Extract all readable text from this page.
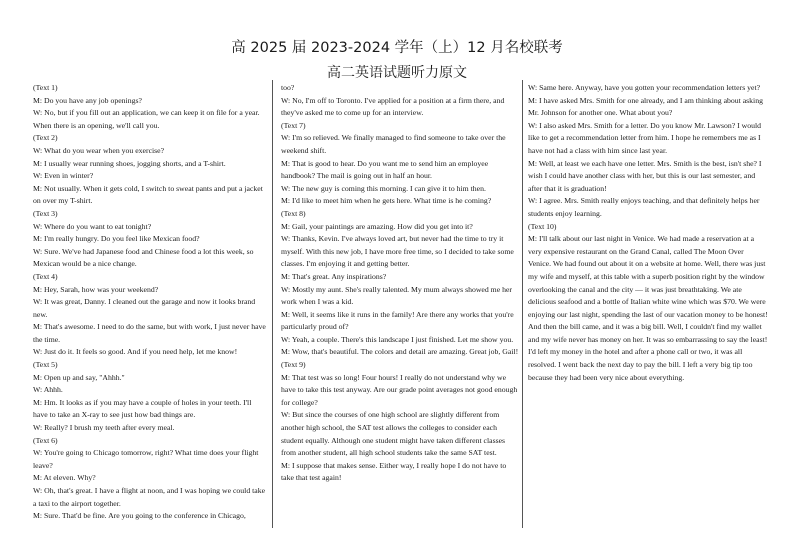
高 2025 届 2023-2024 学年（上）12 月名校联考
高二英语试题听力原文

(Text 1)

M: Do you have any job openings?

W: No, but if you fill out an application, we can keep it on file for a year. When there is an opening, we'll call you.

(Text 2)

W: What do you wear when you exercise?

M: I usually wear running shoes, jogging shorts, and a T-shirt.

W: Even in winter?

M: Not usually. When it gets cold, I switch to sweat pants and put a jacket on over my T-shirt.

(Text 3)

W: Where do you want to eat tonight?

M: I'm really hungry. Do you feel like Mexican food?

W: Sure. We've had Japanese food and Chinese food a lot this week, so Mexican would be a nice change.

(Text 4)

M: Hey, Sarah, how was your weekend?

W: It was great, Danny. I cleaned out the garage and now it looks brand new.

M: That's awesome. I need to do the same, but with work, I just never have the time.

W: Just do it. It feels so good. And if you need help, let me know!

(Text 5)

M: Open up and say, "Ahhh."

W: Ahhh.

M: Hm. It looks as if you may have a couple of holes in your teeth. I'll have to take an X-ray to see just how bad things are.

W: Really? I brush my teeth after every meal.

(Text 6)

W: You're going to Chicago tomorrow, right? What time does your flight leave?

M: At eleven. Why?

W: Oh, that's great. I have a flight at noon, and I was hoping we could take a taxi to the airport together.

M: Sure. That'd be fine. Are you going to the conference in Chicago,

too?

W: No, I'm off to Toronto. I've applied for a position at a firm there, and they've asked me to come up for an interview.

(Text 7)

W: I'm so relieved. We finally managed to find someone to take over the weekend shift.

M: That is good to hear. Do you want me to send him an employee handbook? The mail is going out in half an hour.

W: The new guy is coming this morning. I can give it to him then.

M: I'd like to meet him when he gets here. What time is he coming?

(Text 8)

M: Gail, your paintings are amazing. How did you get into it?

W: Thanks, Kevin. I've always loved art, but never had the time to try it myself. With this new job, I have more free time, so I decided to take some classes. I'm enjoying it and getting better.

M: That's great. Any inspirations?

W: Mostly my aunt. She's really talented. My mum always showed me her work when I was a kid.

M: Well, it seems like it runs in the family! Are there any works that you're particularly proud of?

W: Yeah, a couple. There's this landscape I just finished. Let me show you.

M: Wow, that's beautiful. The colors and detail are amazing. Great job, Gail!

(Text 9)

M: That test was so long! Four hours! I really do not understand why we have to take this test anyway. Are our grade point averages not good enough for college?

W: But since the courses of one high school are slightly different from another high school, the SAT test allows the colleges to consider each student equally. Although one student might have taken different classes from another student, all high school students take the same SAT test.

M: I suppose that makes sense. Either way, I really hope I do not have to take that test again!

W: Same here. Anyway, have you gotten your recommendation letters yet?

M: I have asked Mrs. Smith for one already, and I am thinking about asking Mr. Johnson for another one. What about you?

W: I also asked Mrs. Smith for a letter. Do you know Mr. Lawson? I would like to get a recommendation letter from him. I hope he remembers me as I have not had a class with him since last year.

M: Well, at least we each have one letter. Mrs. Smith is the best, isn't she? I wish I could have another class with her, but this is our last semester, and after that it is graduation!

W: I agree. Mrs. Smith really enjoys teaching, and that definitely helps her students enjoy learning.

(Text 10)

M: I'll talk about our last night in Venice. We had made a reservation at a very expensive restaurant on the Grand Canal, called The Moon Over Venice. We had found out about it on a website at home. Well, there was just my wife and myself, at this table with a superb position right by the window overlooking the canal and the city — it was just breathtaking. We ate delicious seafood and a bottle of Italian white wine which was $70. We were enjoying our last night, spending the last of our vacation money to be honest! And then the bill came, and it was a big bill. Well, I couldn't find my wallet and my wife never has money on her. It was so embarrassing to say the least! I'd left my money in the hotel and after a phone call or two, it was all resolved. I went back the next day to pay the bill. I left a very big tip too because they had been very nice about everything.
